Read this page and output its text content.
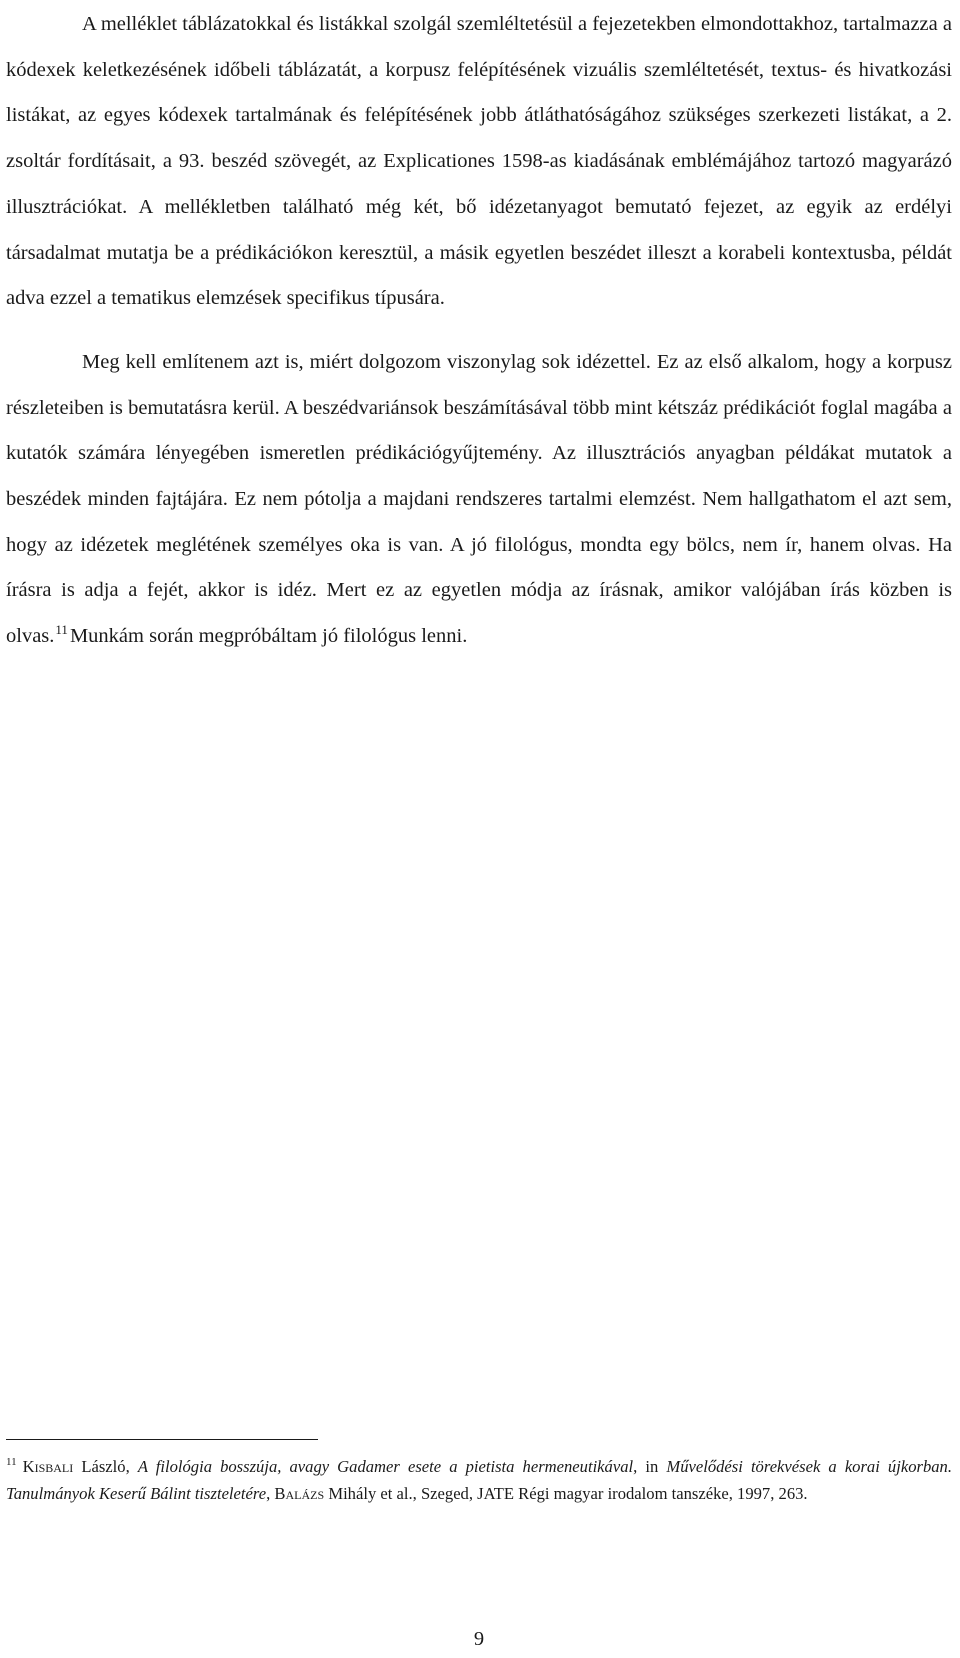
A melléklet táblázatokkal és listákkal szolgál szemléltetésül a fejezetekben elmondottakhoz, tartalmazza a kódexek keletkezésének időbeli táblázatát, a korpusz felépítésének vizuális szemléltetését, textus- és hivatkozási listákat, az egyes kódexek tartalmának és felépítésének jobb átláthatóságához szükséges szerkezeti listákat, a 2. zsoltár fordításait, a 93. beszéd szövegét, az Explicationes 1598-as kiadásának emblémájához tartozó magyarázó illusztrációkat. A mellékletben található még két, bő idézetanyagot bemutató fejezet, az egyik az erdélyi társadalmat mutatja be a prédikációkon keresztül, a másik egyetlen beszédet illeszt a korabeli kontextusba, példát adva ezzel a tematikus elemzések specifikus típusára.

Meg kell említenem azt is, miért dolgozom viszonylag sok idézettel. Ez az első alkalom, hogy a korpusz részleteiben is bemutatásra kerül. A beszédvariánsok beszámításával több mint kétszáz prédikációt foglal magába a kutatók számára lényegében ismeretlen prédikációgyűjtemény. Az illusztrációs anyagban példákat mutatok a beszédek minden fajtájára. Ez nem pótolja a majdani rendszeres tartalmi elemzést. Nem hallgathatom el azt sem, hogy az idézetek meglétének személyes oka is van. A jó filológus, mondta egy bölcs, nem ír, hanem olvas. Ha írásra is adja a fejét, akkor is idéz. Mert ez az egyetlen módja az írásnak, amikor valójában írás közben is olvas.$^{11}$Munkám során megpróbáltam jó filológus lenni.

$^{11}$ Kisbali László, A filológia bosszúja, avagy Gadamer esete a pietista hermeneutikával, in Művelődési törekvések a korai újkorban. Tanulmányok Keserű Bálint tiszteletére, Balázs Mihály et al., Szeged, JATE Régi magyar irodalom tanszéke, 1997, 263.
9
